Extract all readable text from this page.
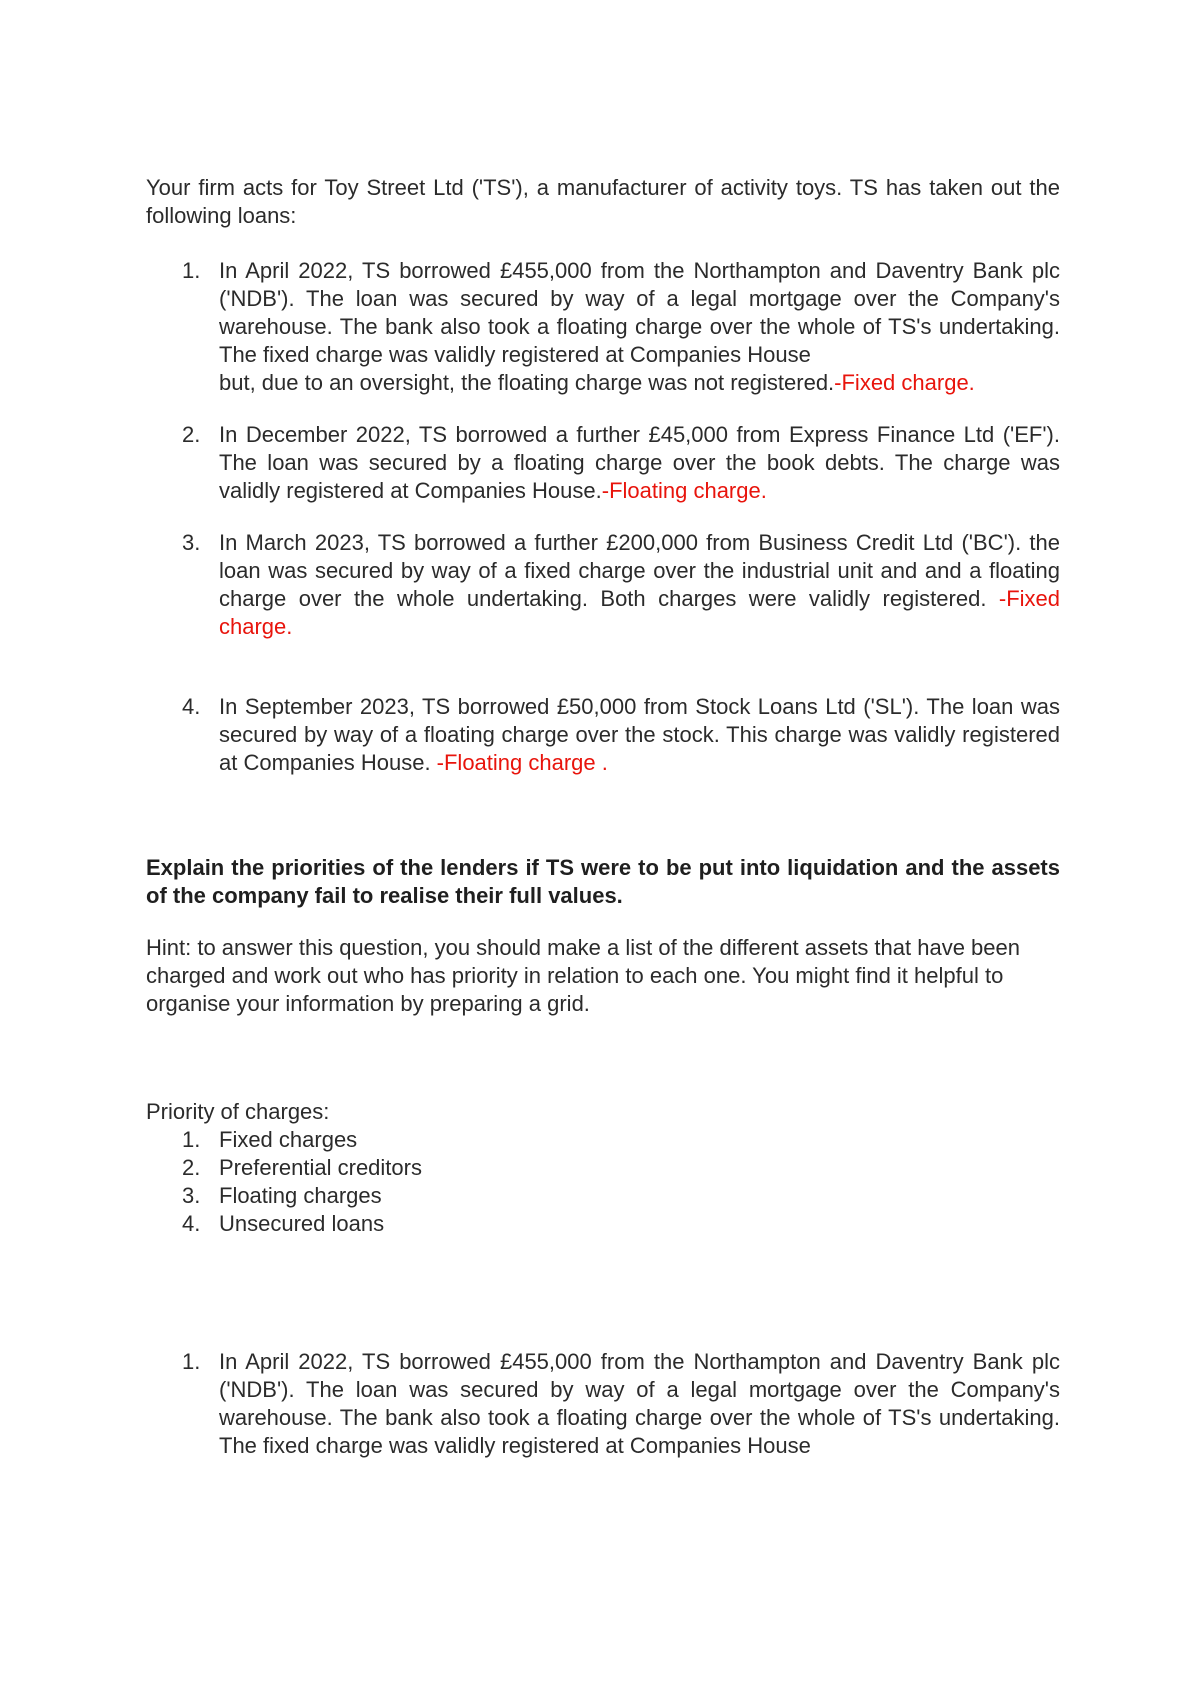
Your firm acts for Toy Street Ltd ('TS'), a manufacturer of activity toys. TS has taken out the following loans:

1. In April 2022, TS borrowed £455,000 from the Northampton and Daventry Bank plc ('NDB'). The loan was secured by way of a legal mortgage over the Company's warehouse. The bank also took a floating charge over the whole of TS's undertaking. The fixed charge was validly registered at Companies House
but, due to an oversight, the floating charge was not registered.-Fixed charge.
2. In December 2022, TS borrowed a further £45,000 from Express Finance Ltd ('EF'). The loan was secured by a floating charge over the book debts. The charge was validly registered at Companies House.-Floating charge.
3. In March 2023, TS borrowed a further £200,000 from Business Credit Ltd ('BC'). the loan was secured by way of a fixed charge over the industrial unit and and a floating charge over the whole undertaking. Both charges were validly registered. -Fixed charge.
4. In September 2023, TS borrowed £50,000 from Stock Loans Ltd ('SL'). The loan was secured by way of a floating charge over the stock. This charge was validly registered at Companies House. -Floating charge .

Explain the priorities of the lenders if TS were to be put into liquidation and the assets of the company fail to realise their full values.

Hint: to answer this question, you should make a list of the different assets that have been charged and work out who has priority in relation to each one. You might find it helpful to organise your information by preparing a grid.

Priority of charges:

1. Fixed charges
2. Preferential creditors
3. Floating charges
4. Unsecured loans
1. In April 2022, TS borrowed £455,000 from the Northampton and Daventry Bank plc ('NDB'). The loan was secured by way of a legal mortgage over the Company's warehouse. The bank also took a floating charge over the whole of TS's undertaking. The fixed charge was validly registered at Companies House
